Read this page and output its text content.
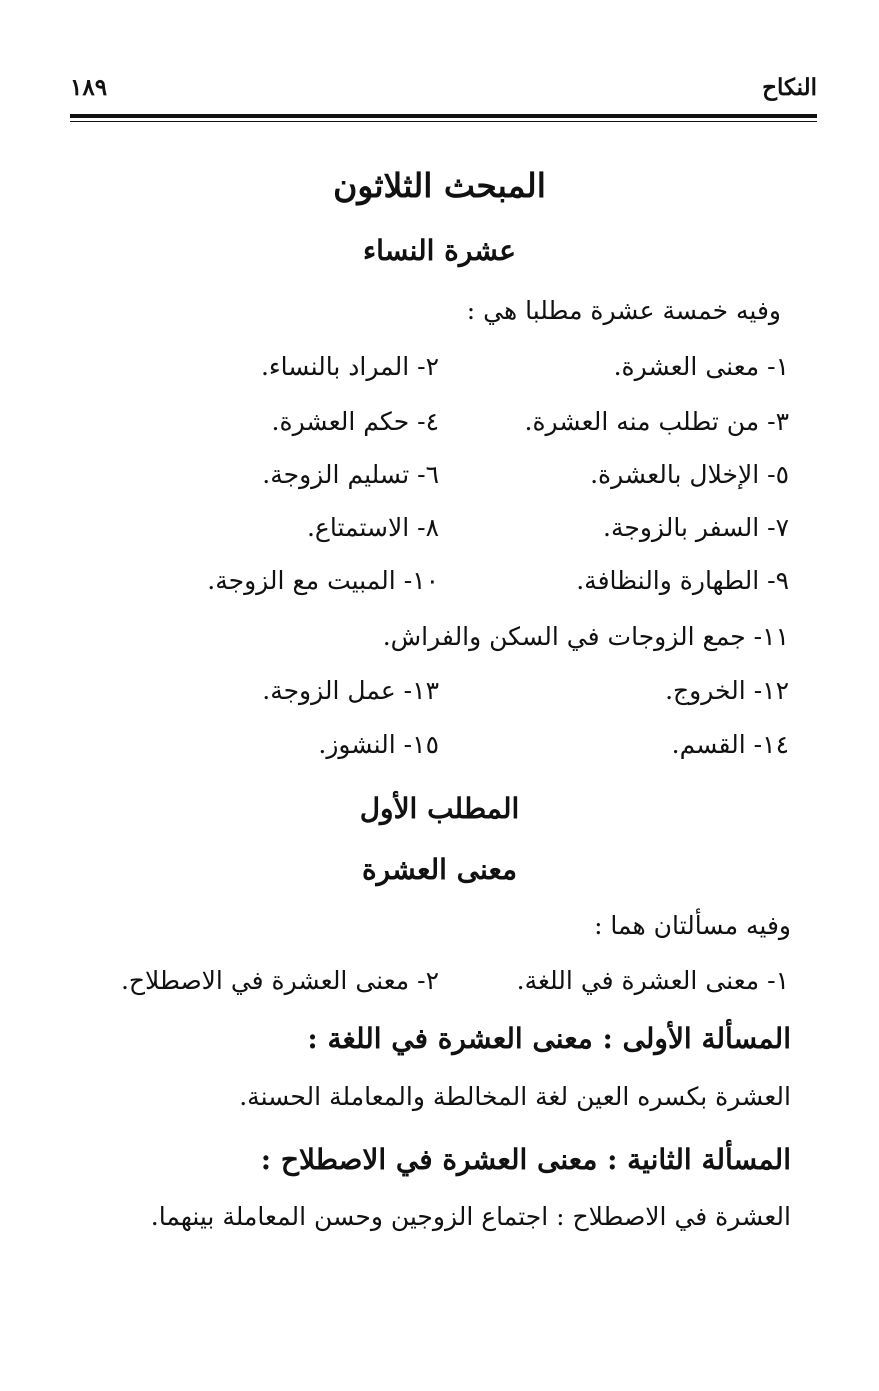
النكاح
١٨٩
المبحث الثلاثون
عشرة النساء
وفيه خمسة عشرة مطلبا هي :
١- معنى العشرة.
٢- المراد بالنساء.
٣- من تطلب منه العشرة.
٤- حكم العشرة.
٥- الإخلال بالعشرة.
٦- تسليم الزوجة.
٧- السفر بالزوجة.
٨- الاستمتاع.
٩- الطهارة والنظافة.
١٠- المبيت مع الزوجة.
١١- جمع الزوجات في السكن والفراش.
١٢- الخروج.
١٣- عمل الزوجة.
١٤- القسم.
١٥- النشوز.
المطلب الأول
معنى العشرة
وفيه مسألتان هما :
١- معنى العشرة في اللغة.
٢- معنى العشرة في الاصطلاح.
المسألة الأولى : معنى العشرة في اللغة :
العشرة بكسره العين لغة المخالطة والمعاملة الحسنة.
المسألة الثانية : معنى العشرة في الاصطلاح :
العشرة في الاصطلاح : اجتماع الزوجين وحسن المعاملة بينهما.
